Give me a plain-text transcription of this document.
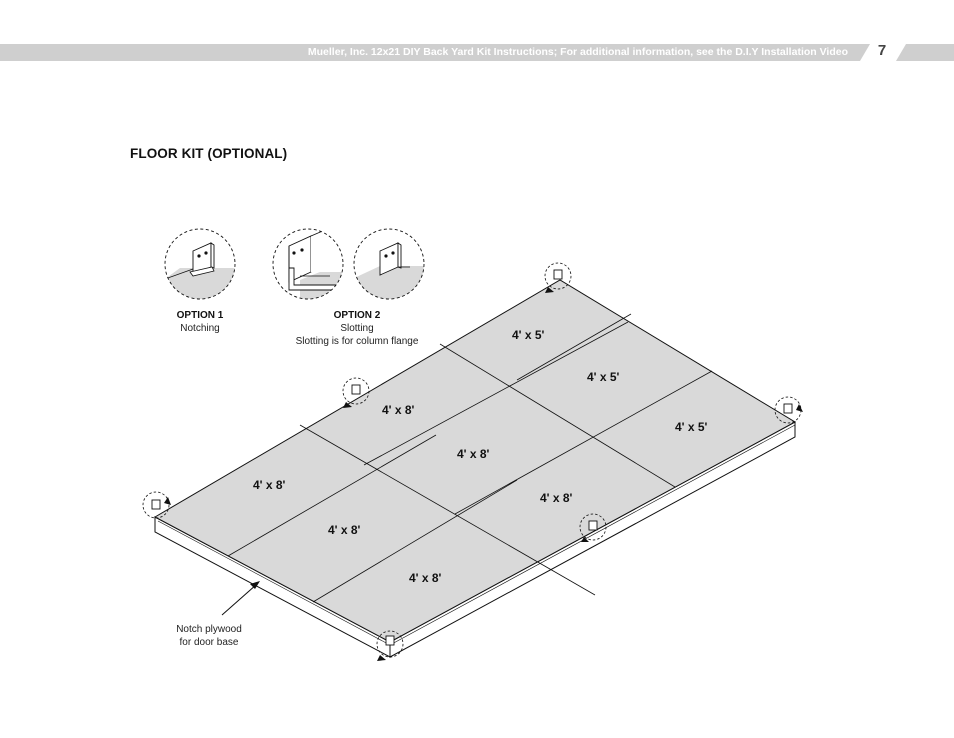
Mueller, Inc. 12x21 DIY Back Yard Kit Instructions; For additional information, see the D.I.Y Installation Video	7
FLOOR KIT (OPTIONAL)
4' x 5'
4' x 5'
4' x 5'
4' x 8'
4' x 8'
4' x 8'
4' x 8'
4' x 8'
4' x 8'
OPTION 1
Notching
OPTION 2
Slotting
Slotting is for column flange
Notch plywood
for door base
